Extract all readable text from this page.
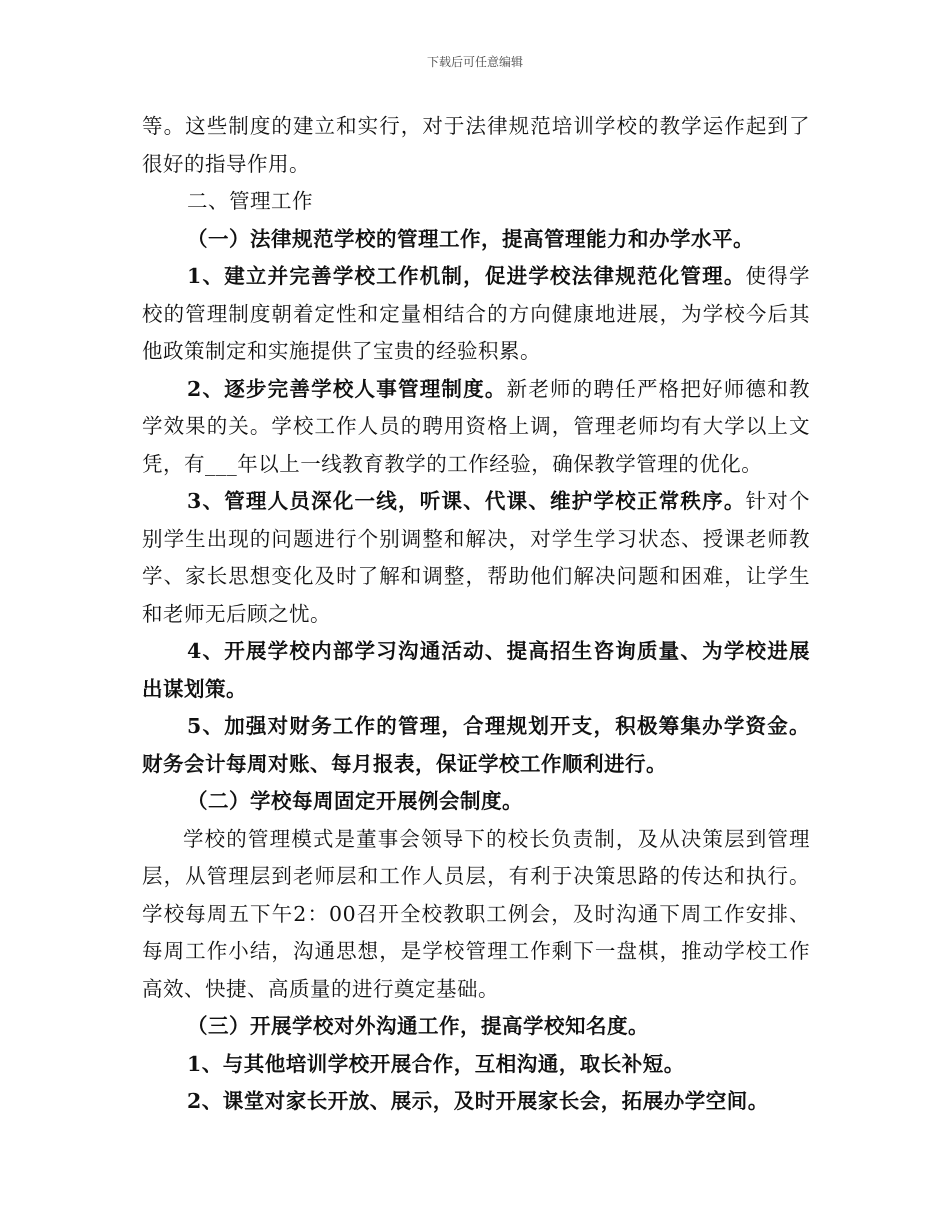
下载后可任意编辑

等。这些制度的建立和实行，对于法律规范培训学校的教学运作起到了很好的指导作用。

二、管理工作

（一）法律规范学校的管理工作，提高管理能力和办学水平。

1、建立并完善学校工作机制，促进学校法律规范化管理。使得学校的管理制度朝着定性和定量相结合的方向健康地进展，为学校今后其他政策制定和实施提供了宝贵的经验积累。

2、逐步完善学校人事管理制度。新老师的聘任严格把好师德和教学效果的关。学校工作人员的聘用资格上调，管理老师均有大学以上文凭，有___年以上一线教育教学的工作经验，确保教学管理的优化。

3、管理人员深化一线，听课、代课、维护学校正常秩序。针对个别学生出现的问题进行个别调整和解决，对学生学习状态、授课老师教学、家长思想变化及时了解和调整，帮助他们解决问题和困难，让学生和老师无后顾之忧。

4、开展学校内部学习沟通活动、提高招生咨询质量、为学校进展出谋划策。

5、加强对财务工作的管理，合理规划开支，积极筹集办学资金。财务会计每周对账、每月报表，保证学校工作顺利进行。

（二）学校每周固定开展例会制度。

学校的管理模式是董事会领导下的校长负责制，及从决策层到管理层，从管理层到老师层和工作人员层，有利于决策思路的传达和执行。学校每周五下午2：00召开全校教职工例会，及时沟通下周工作安排、每周工作小结，沟通思想，是学校管理工作剩下一盘棋，推动学校工作高效、快捷、高质量的进行奠定基础。

（三）开展学校对外沟通工作，提高学校知名度。

1、与其他培训学校开展合作，互相沟通，取长补短。

2、课堂对家长开放、展示，及时开展家长会，拓展办学空间。
